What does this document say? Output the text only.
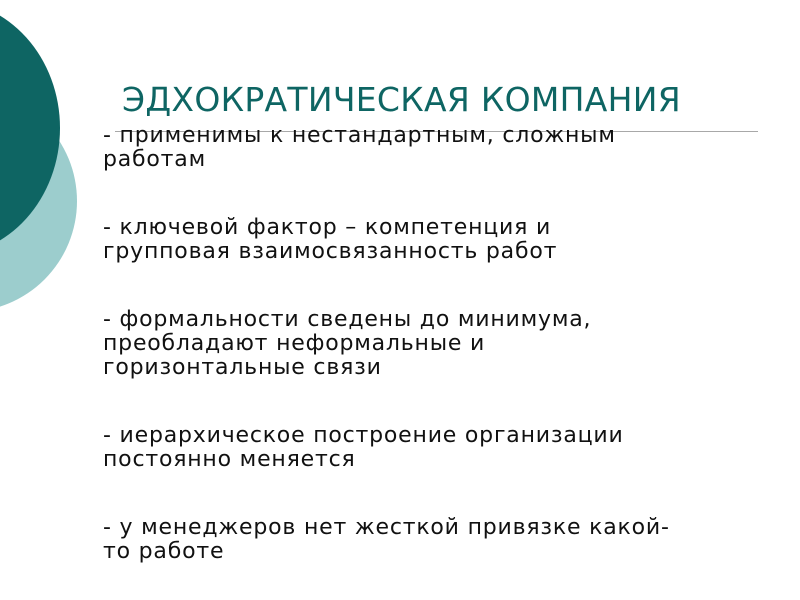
ЭДХОКРАТИЧЕСКАЯ КОМПАНИЯ

- применимы к нестандартным, сложным
работам

- ключевой фактор – компетенция и
групповая взаимосвязанность работ

- формальности сведены до минимума,
преобладают неформальные и
горизонтальные связи

- иерархическое построение организации
постоянно меняется

- у менеджеров нет жесткой привязке какой-
то работе
